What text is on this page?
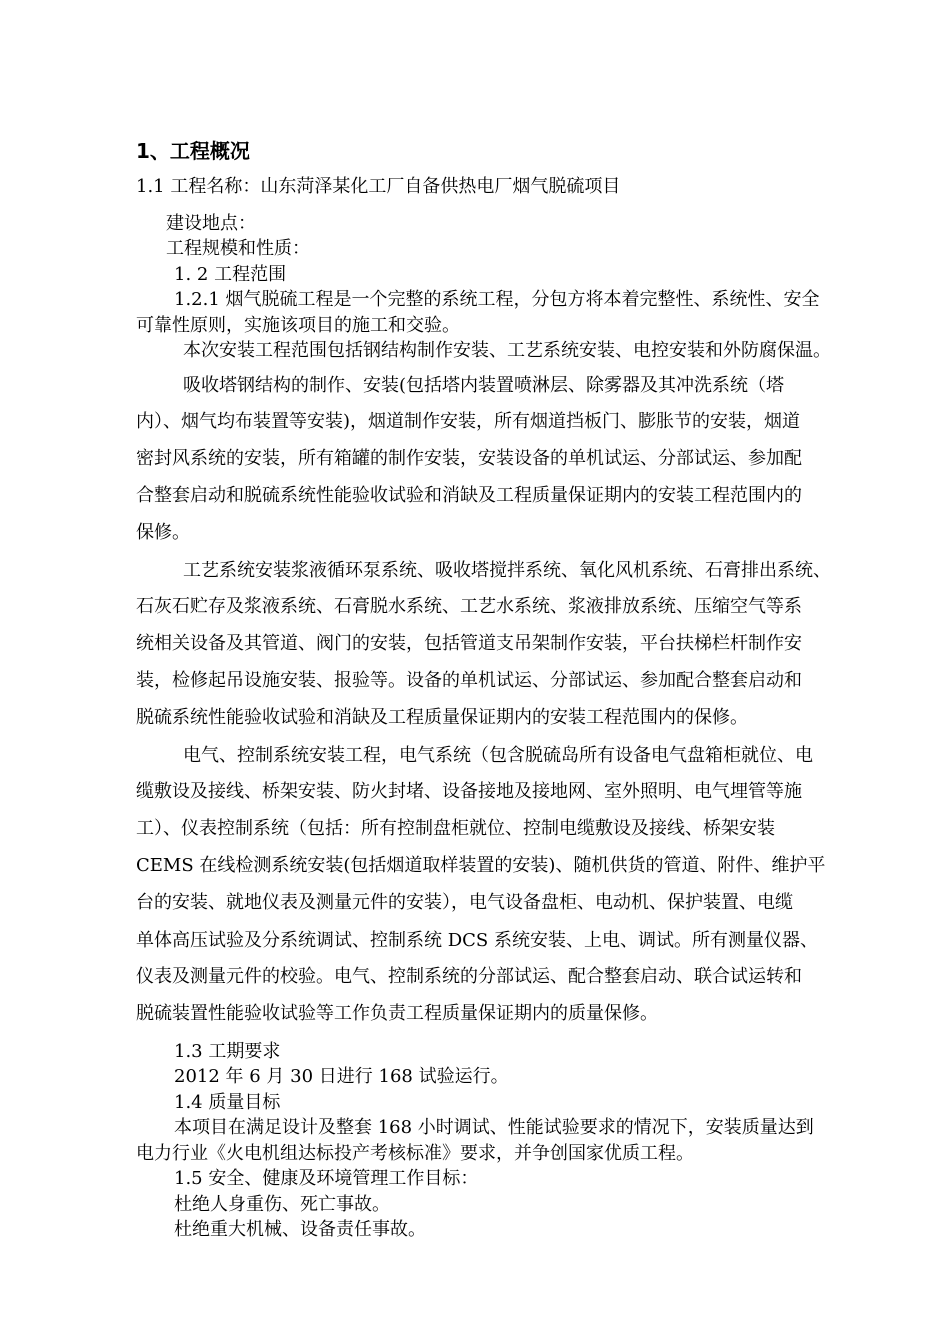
1、工程概况
1.1 工程名称：山东菏泽某化工厂自备供热电厂烟气脱硫项目
建设地点：
工程规模和性质：
1. 2 工程范围
1.2.1 烟气脱硫工程是一个完整的系统工程，分包方将本着完整性、系统性、安全
可靠性原则，实施该项目的施工和交验。
本次安装工程范围包括钢结构制作安装、工艺系统安装、电控安装和外防腐保温。
吸收塔钢结构的制作、安装(包括塔内装置喷淋层、除雾器及其冲洗系统（塔
内）、烟气均布装置等安装)，烟道制作安装，所有烟道挡板门、膨胀节的安装，烟道
密封风系统的安装，所有箱罐的制作安装，安装设备的单机试运、分部试运、参加配
合整套启动和脱硫系统性能验收试验和消缺及工程质量保证期内的安装工程范围内的
保修。
工艺系统安装浆液循环泵系统、吸收塔搅拌系统、氧化风机系统、石膏排出系统、
石灰石贮存及浆液系统、石膏脱水系统、工艺水系统、浆液排放系统、压缩空气等系
统相关设备及其管道、阀门的安装，包括管道支吊架制作安装，平台扶梯栏杆制作安
装，检修起吊设施安装、报验等。设备的单机试运、分部试运、参加配合整套启动和
脱硫系统性能验收试验和消缺及工程质量保证期内的安装工程范围内的保修。
电气、控制系统安装工程，电气系统（包含脱硫岛所有设备电气盘箱柜就位、电
缆敷设及接线、桥架安装、防火封堵、设备接地及接地网、室外照明、电气埋管等施
工）、仪表控制系统（包括：所有控制盘柜就位、控制电缆敷设及接线、桥架安装
CEMS 在线检测系统安装(包括烟道取样装置的安装)、随机供货的管道、附件、维护平
台的安装、就地仪表及测量元件的安装），电气设备盘柜、电动机、保护装置、电缆
单体高压试验及分系统调试、控制系统 DCS 系统安装、上电、调试。所有测量仪器、
仪表及测量元件的校验。电气、控制系统的分部试运、配合整套启动、联合试运转和
脱硫装置性能验收试验等工作负责工程质量保证期内的质量保修。
1.3 工期要求
2012 年 6 月 30 日进行 168 试验运行。
1.4 质量目标
本项目在满足设计及整套 168 小时调试、性能试验要求的情况下，安装质量达到
电力行业《火电机组达标投产考核标准》要求，并争创国家优质工程。
1.5 安全、健康及环境管理工作目标：
杜绝人身重伤、死亡事故。
杜绝重大机械、设备责任事故。
